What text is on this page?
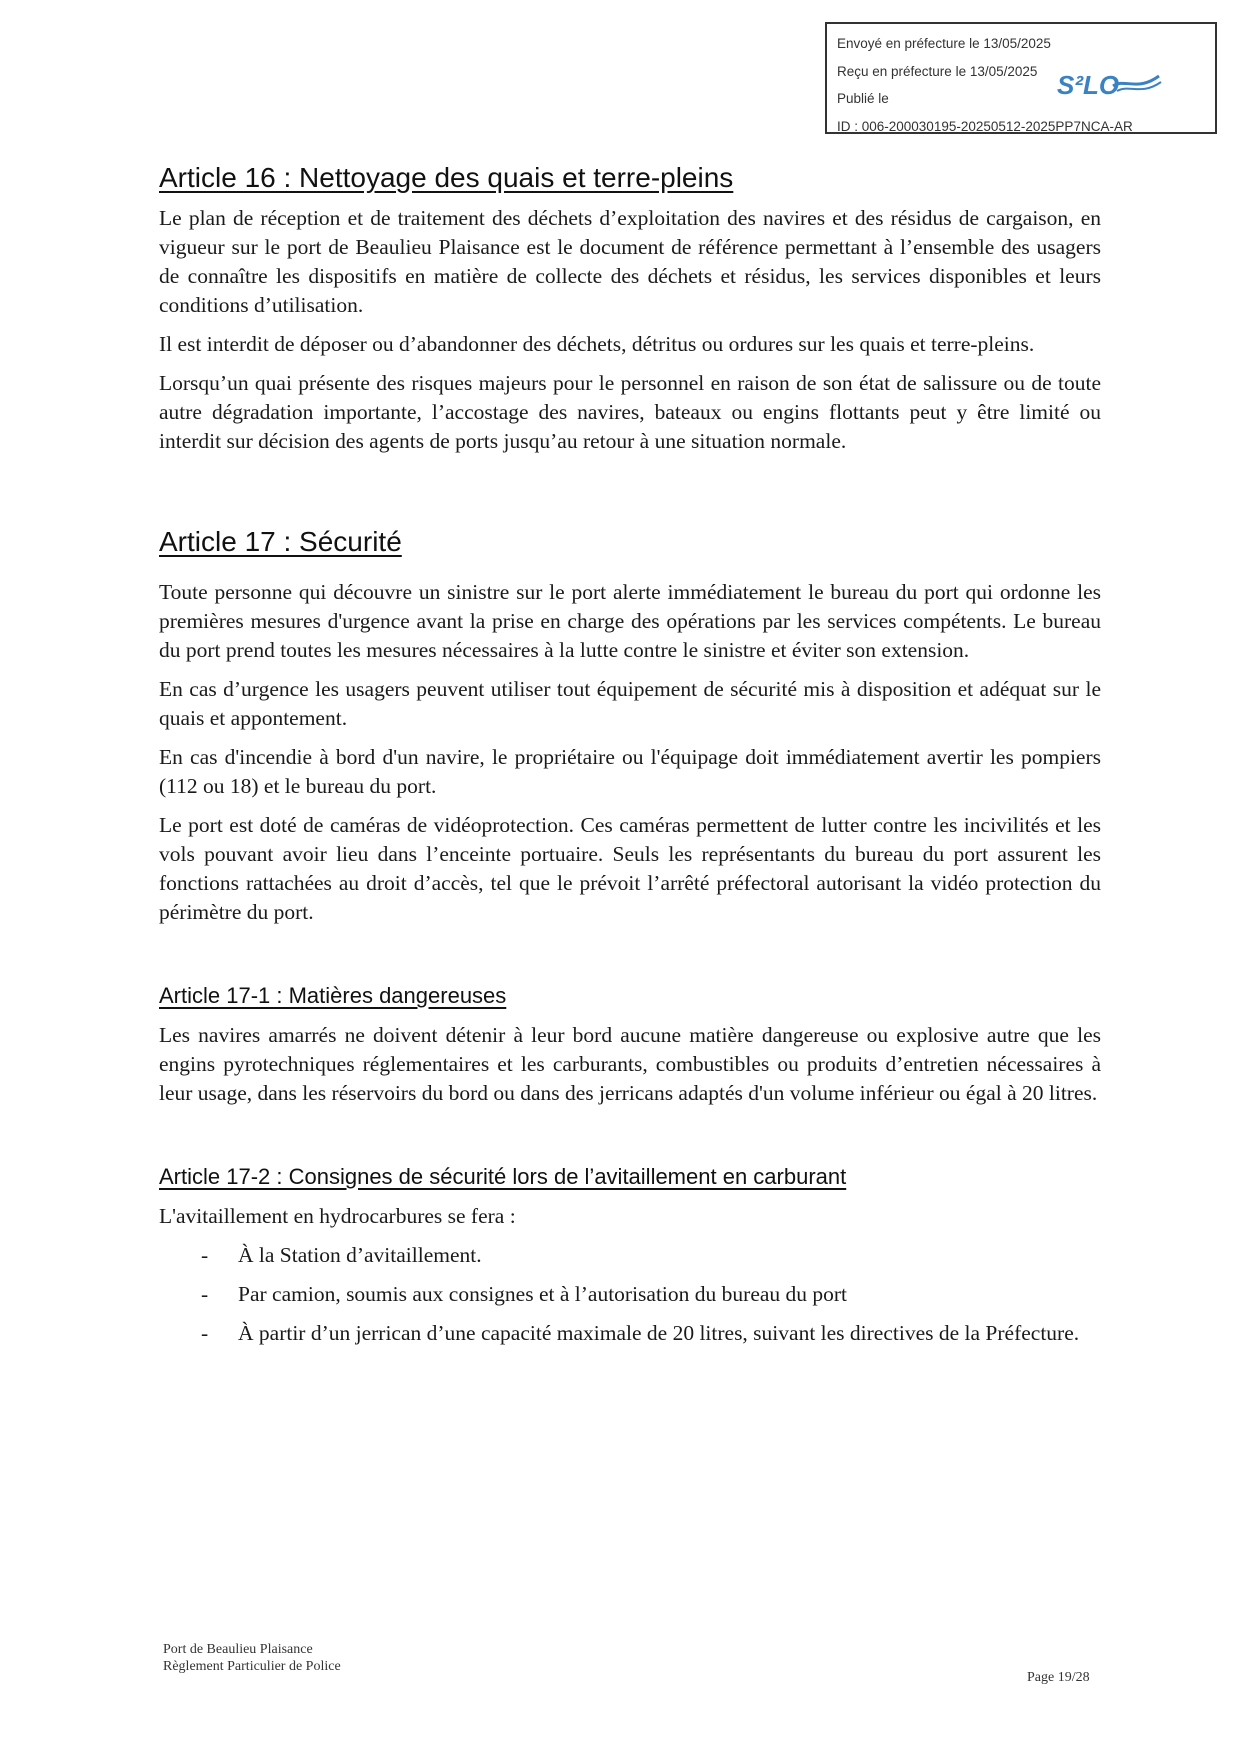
Envoyé en préfecture le 13/05/2025
Reçu en préfecture le 13/05/2025
Publié le
ID : 006-200030195-20250512-2025PP7NCA-AR
S²LO
Article 16 : Nettoyage des quais et terre-pleins

Le plan de réception et de traitement des déchets d’exploitation des navires et des résidus de cargaison, en vigueur sur le port de Beaulieu Plaisance est le document de référence permettant à l’ensemble des usagers de connaître les dispositifs en matière de collecte des déchets et résidus, les services disponibles et leurs conditions d’utilisation.

Il est interdit de déposer ou d’abandonner des déchets, détritus ou ordures sur les quais et terre-pleins.

Lorsqu’un quai présente des risques majeurs pour le personnel en raison de son état de salissure ou de toute autre dégradation importante, l’accostage des navires, bateaux ou engins flottants peut y être limité ou interdit sur décision des agents de ports jusqu’au retour à une situation normale.

Article 17 : Sécurité

Toute personne qui découvre un sinistre sur le port alerte immédiatement le bureau du port qui ordonne les premières mesures d'urgence avant la prise en charge des opérations par les services compétents. Le bureau du port prend toutes les mesures nécessaires à la lutte contre le sinistre et éviter son extension.

En cas d’urgence les usagers peuvent utiliser tout équipement de sécurité mis à disposition et adéquat sur le quais et appontement.

En cas d'incendie à bord d'un navire, le propriétaire ou l'équipage doit immédiatement avertir les pompiers (112 ou 18) et le bureau du port.

Le port est doté de caméras de vidéoprotection. Ces caméras permettent de lutter contre les incivilités et les vols pouvant avoir lieu dans l’enceinte portuaire. Seuls les représentants du bureau du port assurent les fonctions rattachées au droit d’accès, tel que le prévoit l’arrêté préfectoral autorisant la vidéo protection du périmètre du port.

Article 17-1 : Matières dangereuses

Les navires amarrés ne doivent détenir à leur bord aucune matière dangereuse ou explosive autre que les engins pyrotechniques réglementaires et les carburants, combustibles ou produits d’entretien nécessaires à leur usage, dans les réservoirs du bord ou dans des jerricans adaptés d'un volume inférieur ou égal à 20 litres.

Article 17-2 : Consignes de sécurité lors de l’avitaillement en carburant

L'avitaillement en hydrocarbures se fera :

- À la Station d’avitaillement.
- Par camion, soumis aux consignes et à l’autorisation du bureau du port
- À partir d’un jerrican d’une capacité maximale de 20 litres, suivant les directives de la Préfecture.
Port de Beaulieu Plaisance
Règlement Particulier de Police
Page 19/28
